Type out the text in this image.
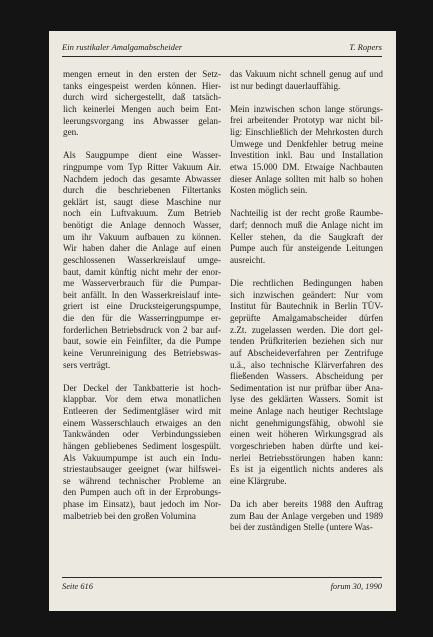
Ein rustikaler Amalgamabscheider	T. Ropers

mengen erneut in den ersten der Setz-
tanks eingespeist werden können. Hier-
durch wird sichergestellt, daß tatsäch-
lich keinerlei Mengen auch beim Ent-
leerungsvorgang ins Abwasser gelan-
gen.

Als Saugpumpe dient eine Wasser-
ringpumpe vom Typ Ritter Vakuum Air.
Nachdem jedoch das gesamte Abwasser
durch die beschriebenen Filtertanks
geklärt ist, saugt diese Maschine nur
noch ein Luftvakuum. Zum Betrieb
benötigt die Anlage dennoch Wasser,
um ihr Vakuum aufbauen zu können.
Wir haben daher die Anlage auf einen
geschlossenen Wasserkreislauf umge-
baut, damit künftig nicht mehr der enor-
me Wasserverbrauch für die Pumpar-
beit anfällt. In den Wasserkreislauf inte-
griert ist eine Drucksteigerungspumpe,
die den für die Wasserringpumpe er-
forderlichen Betriebsdruck von 2 bar auf-
baut, sowie ein Feinfilter, da die Pumpe
keine Verunreinigung des Betriebswas-
sers verträgt.

Der Deckel der Tankbatterie ist hoch-
klappbar. Vor dem etwa monatlichen
Entleeren der Sedimentgläser wird mit
einem Wasserschlauch etwaiges an den
Tankwänden oder Verbindungssieben
hängen gebliebenes Sediment losgespült.
Als Vakuumpumpe ist auch ein Indu-
striestaubsauger geeignet (war hilfswei-
se während technischer Probleme an
den Pumpen auch oft in der Erprobungs-
phase im Einsatz), baut jedoch im Nor-
malbetrieb bei den großen Volumina

das Vakuum nicht schnell genug auf und
ist nur bedingt dauerlauffähig.

Mein inzwischen schon lange störungs-
frei arbeitender Prototyp war nicht bil-
lig: Einschließlich der Mehrkosten durch
Umwege und Denkfehler betrug meine
Investition inkl. Bau und Installation
etwa 15.000 DM. Etwaige Nachbauten
dieser Anlage sollten mit halb so hohen
Kosten möglich sein.

Nachteilig ist der recht große Raumbe-
darf; dennoch muß die Anlage nicht im
Keller stehen, da die Saugkraft der
Pumpe auch für ansteigende Leitungen
ausreicht.

Die rechtlichen Bedingungen haben
sich inzwischen geändert: Nur vom
Institut für Bautechnik in Berlin TÜV-
geprüfte Amalgamabscheider dürfen
z.Zt. zugelassen werden. Die dort gel-
tenden Prüfkriterien beziehen sich nur
auf Abscheideverfahren per Zentrifuge
u.ä., also technische Klärverfahren des
fließenden Wassers. Abscheidung per
Sedimentation ist nur prüfbar über Ana-
lyse des geklärten Wassers. Somit ist
meine Anlage nach heutiger Rechtslage
nicht genehmigungsfähig, obwohl sie
einen weit höheren Wirkungsgrad als
vorgeschrieben haben dürfte und kei-
nerlei Betriebsstörungen haben kann:
Es ist ja eigentlich nichts anderes als
eine Klärgrube.

Da ich aber bereits 1988 den Auftrag
zum Bau der Anlage vergeben und 1989
bei der zuständigen Stelle (untere Was-

Seite 616	forum 30, 1990
